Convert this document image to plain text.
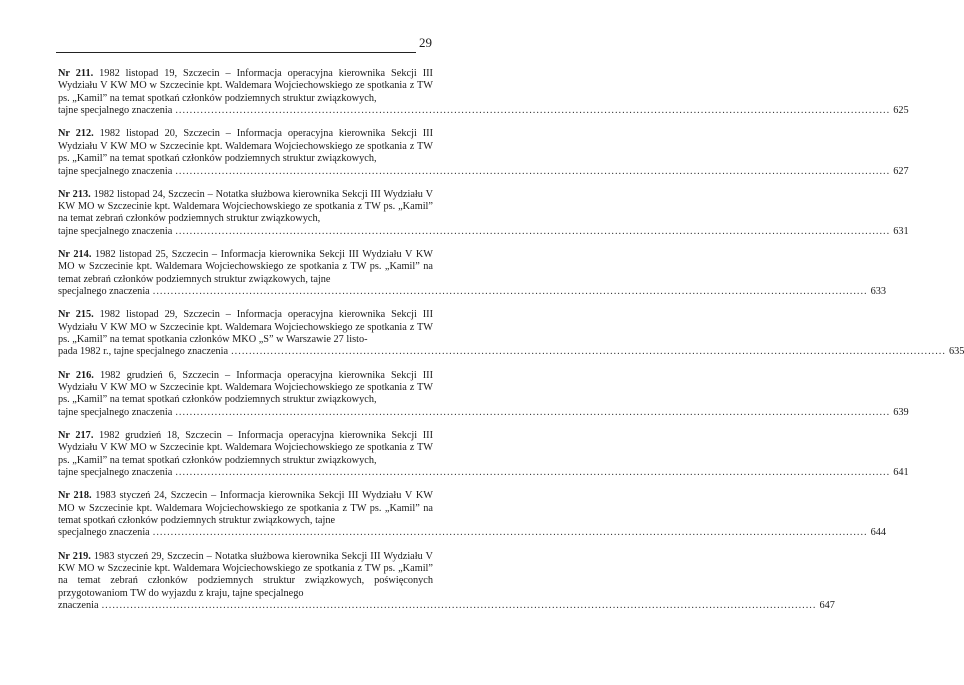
29
Nr 211. 1982 listopad 19, Szczecin – Informacja operacyjna kierownika Sekcji III Wydziału V KW MO w Szczecinie kpt. Waldemara Wojciechowskiego ze spotkania z TW ps. „Kamil” na temat spotkań członków podziemnych struktur związkowych,
tajne specjalnego znaczenia ........................................................................................................................................................................................................ 625
Nr 212. 1982 listopad 20, Szczecin – Informacja operacyjna kierownika Sekcji III Wydziału V KW MO w Szczecinie kpt. Waldemara Wojciechowskiego ze spotkania z TW ps. „Kamil” na temat spotkań członków podziemnych struktur związkowych,
tajne specjalnego znaczenia ........................................................................................................................................................................................................ 627
Nr 213. 1982 listopad 24, Szczecin – Notatka służbowa kierownika Sekcji III Wydziału V KW MO w Szczecinie kpt. Waldemara Wojciechowskiego ze spotkania z TW ps. „Kamil” na temat zebrań członków podziemnych struktur związkowych,
tajne specjalnego znaczenia ........................................................................................................................................................................................................ 631
Nr 214. 1982 listopad 25, Szczecin – Informacja kierownika Sekcji III Wydziału V KW MO w Szczecinie kpt. Waldemara Wojciechowskiego ze spotkania z TW ps. „Kamil” na temat zebrań członków podziemnych struktur związkowych, tajne
specjalnego znaczenia ........................................................................................................................................................................................................ 633
Nr 215. 1982 listopad 29, Szczecin – Informacja operacyjna kierownika Sekcji III Wydziału V KW MO w Szczecinie kpt. Waldemara Wojciechowskiego ze spotkania z TW ps. „Kamil” na temat spotkania członków MKO „S” w Warszawie 27 listo-
pada 1982 r., tajne specjalnego znaczenia ........................................................................................................................................................................................................ 635
Nr 216. 1982 grudzień 6, Szczecin – Informacja operacyjna kierownika Sekcji III Wydziału V KW MO w Szczecinie kpt. Waldemara Wojciechowskiego ze spotkania z TW ps. „Kamil” na temat spotkań członków podziemnych struktur związkowych,
tajne specjalnego znaczenia ........................................................................................................................................................................................................ 639
Nr 217. 1982 grudzień 18, Szczecin – Informacja operacyjna kierownika Sekcji III Wydziału V KW MO w Szczecinie kpt. Waldemara Wojciechowskiego ze spotkania z TW ps. „Kamil” na temat spotkań członków podziemnych struktur związkowych,
tajne specjalnego znaczenia ........................................................................................................................................................................................................ 641
Nr 218. 1983 styczeń 24, Szczecin – Informacja kierownika Sekcji III Wydziału V KW MO w Szczecinie kpt. Waldemara Wojciechowskiego ze spotkania z TW ps. „Kamil” na temat spotkań członków podziemnych struktur związkowych, tajne
specjalnego znaczenia ........................................................................................................................................................................................................ 644
Nr 219. 1983 styczeń 29, Szczecin – Notatka służbowa kierownika Sekcji III Wydziału V KW MO w Szczecinie kpt. Waldemara Wojciechowskiego ze spotkania z TW ps. „Kamil” na temat zebrań członków podziemnych struktur związkowych, poświęconych przygotowaniom TW do wyjazdu z kraju, tajne specjalnego
znaczenia ........................................................................................................................................................................................................ 647
